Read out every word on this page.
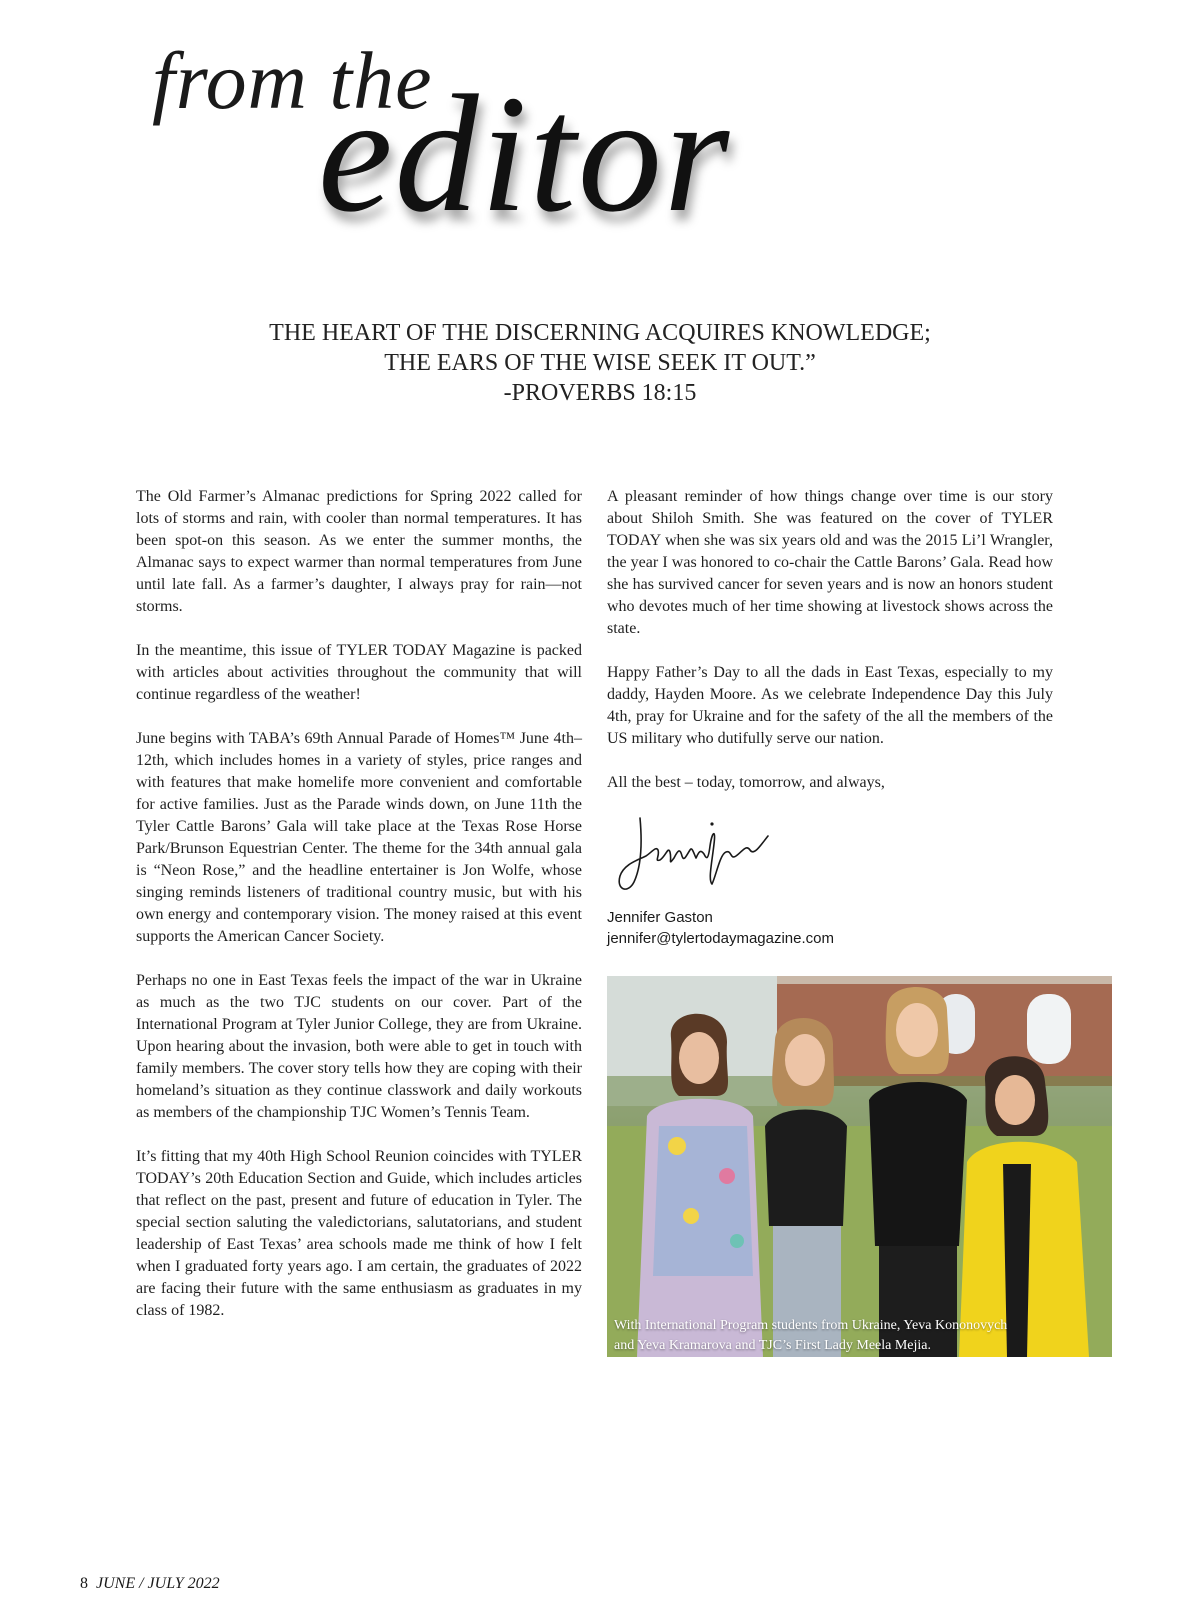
from the
editor
THE HEART OF THE DISCERNING ACQUIRES KNOWLEDGE;
THE EARS OF THE WISE SEEK IT OUT.”
-PROVERBS 18:15

The Old Farmer’s Almanac predictions for Spring 2022 called for lots of storms and rain, with cooler than normal temperatures. It has been spot-on this season. As we enter the summer months, the Almanac says to expect warmer than normal temperatures from June until late fall. As a farmer’s daughter, I always pray for rain—not storms.

In the meantime, this issue of TYLER TODAY Magazine is packed with articles about activities throughout the community that will continue regardless of the weather!

June begins with TABA’s 69th Annual Parade of Homes™ June 4th–12th, which includes homes in a variety of styles, price ranges and with features that make homelife more convenient and comfortable for active families. Just as the Parade winds down, on June 11th the Tyler Cattle Barons’ Gala will take place at the Texas Rose Horse Park/Brunson Equestrian Center. The theme for the 34th annual gala is “Neon Rose,” and the headline entertainer is Jon Wolfe, whose singing reminds listeners of traditional country music, but with his own energy and contemporary vision. The money raised at this event supports the American Cancer Society.

Perhaps no one in East Texas feels the impact of the war in Ukraine as much as the two TJC students on our cover. Part of the International Program at Tyler Junior College, they are from Ukraine. Upon hearing about the invasion, both were able to get in touch with family members. The cover story tells how they are coping with their homeland’s situation as they continue classwork and daily workouts as members of the championship TJC Women’s Tennis Team.

It’s fitting that my 40th High School Reunion coincides with TYLER TODAY’s 20th Education Section and Guide, which includes articles that reflect on the past, present and future of education in Tyler. The special section saluting the valedictorians, salutatorians, and student leadership of East Texas’ area schools made me think of how I felt when I graduated forty years ago. I am certain, the graduates of 2022 are facing their future with the same enthusiasm as graduates in my class of 1982.

A pleasant reminder of how things change over time is our story about Shiloh Smith. She was featured on the cover of TYLER TODAY when she was six years old and was the 2015 Li’l Wrangler, the year I was honored to co-chair the Cattle Barons’ Gala. Read how she has survived cancer for seven years and is now an honors student who devotes much of her time showing at livestock shows across the state.

Happy Father’s Day to all the dads in East Texas, especially to my daddy, Hayden Moore. As we celebrate Independence Day this July 4th, pray for Ukraine and for the safety of the all the members of the US military who dutifully serve our nation.

All the best – today, tomorrow, and always,

Jennifer Gaston
jennifer@tylertodaymagazine.com
With International Program students from Ukraine, Yeva Kononovych
and Yeva Kramarova and TJC’s First Lady Meela Mejia.
8 JUNE / JULY 2022
